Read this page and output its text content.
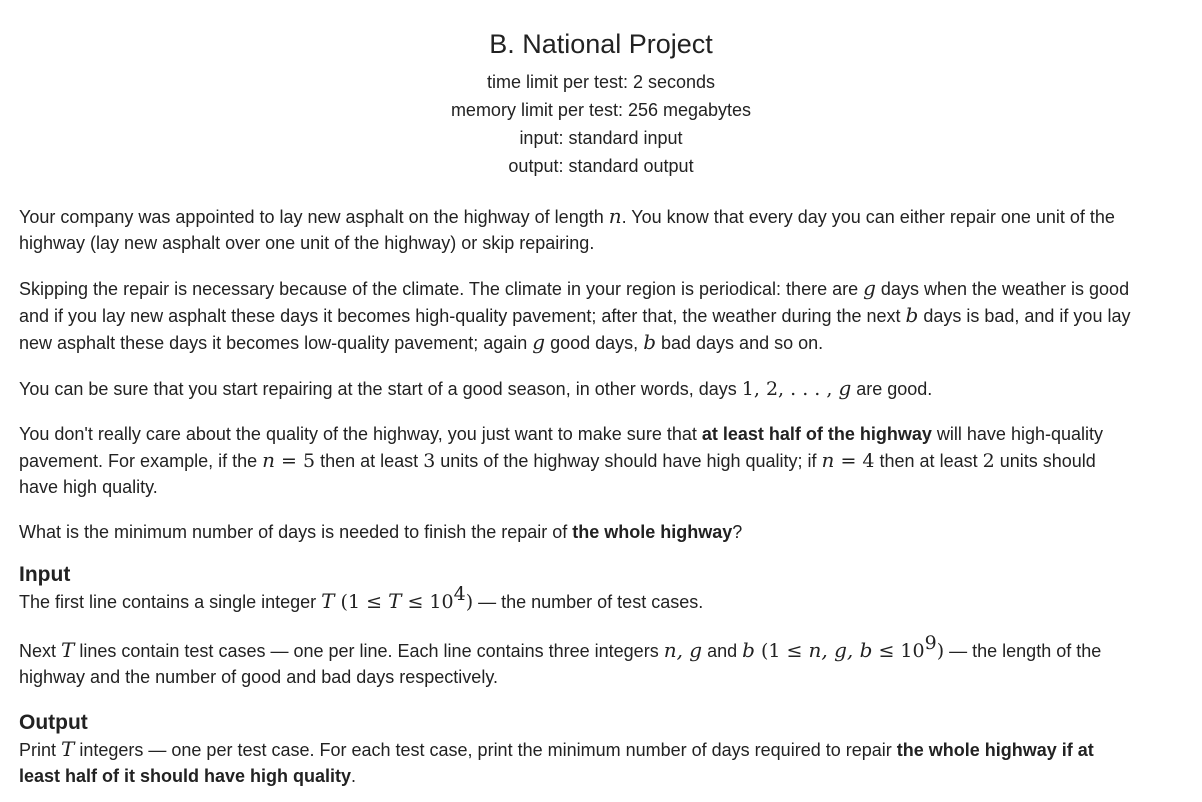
B. National Project
time limit per test: 2 seconds
memory limit per test: 256 megabytes
input: standard input
output: standard output
Your company was appointed to lay new asphalt on the highway of length n. You know that every day you can either repair one unit of the
highway (lay new asphalt over one unit of the highway) or skip repairing.
Skipping the repair is necessary because of the climate. The climate in your region is periodical: there are g days when the weather is good
and if you lay new asphalt these days it becomes high-quality pavement; after that, the weather during the next b days is bad, and if you lay
new asphalt these days it becomes low-quality pavement; again g good days, b bad days and so on.
You can be sure that you start repairing at the start of a good season, in other words, days 1, 2, . . . , g are good.
You don't really care about the quality of the highway, you just want to make sure that at least half of the highway will have high-quality
pavement. For example, if the n = 5 then at least 3 units of the highway should have high quality; if n = 4 then at least 2 units should
have high quality.
What is the minimum number of days is needed to finish the repair of the whole highway?
Input
The first line contains a single integer T $(1 \le T \le 10^4)$ — the number of test cases.
Next T lines contain test cases — one per line. Each line contains three integers n, g and b (1 ≤ n, g, $b \le 10^9$) — the length of the
highway and the number of good and bad days respectively.
Output
Print T integers — one per test case. For each test case, print the minimum number of days required to repair the whole highway if at
least half of it should have high quality.
